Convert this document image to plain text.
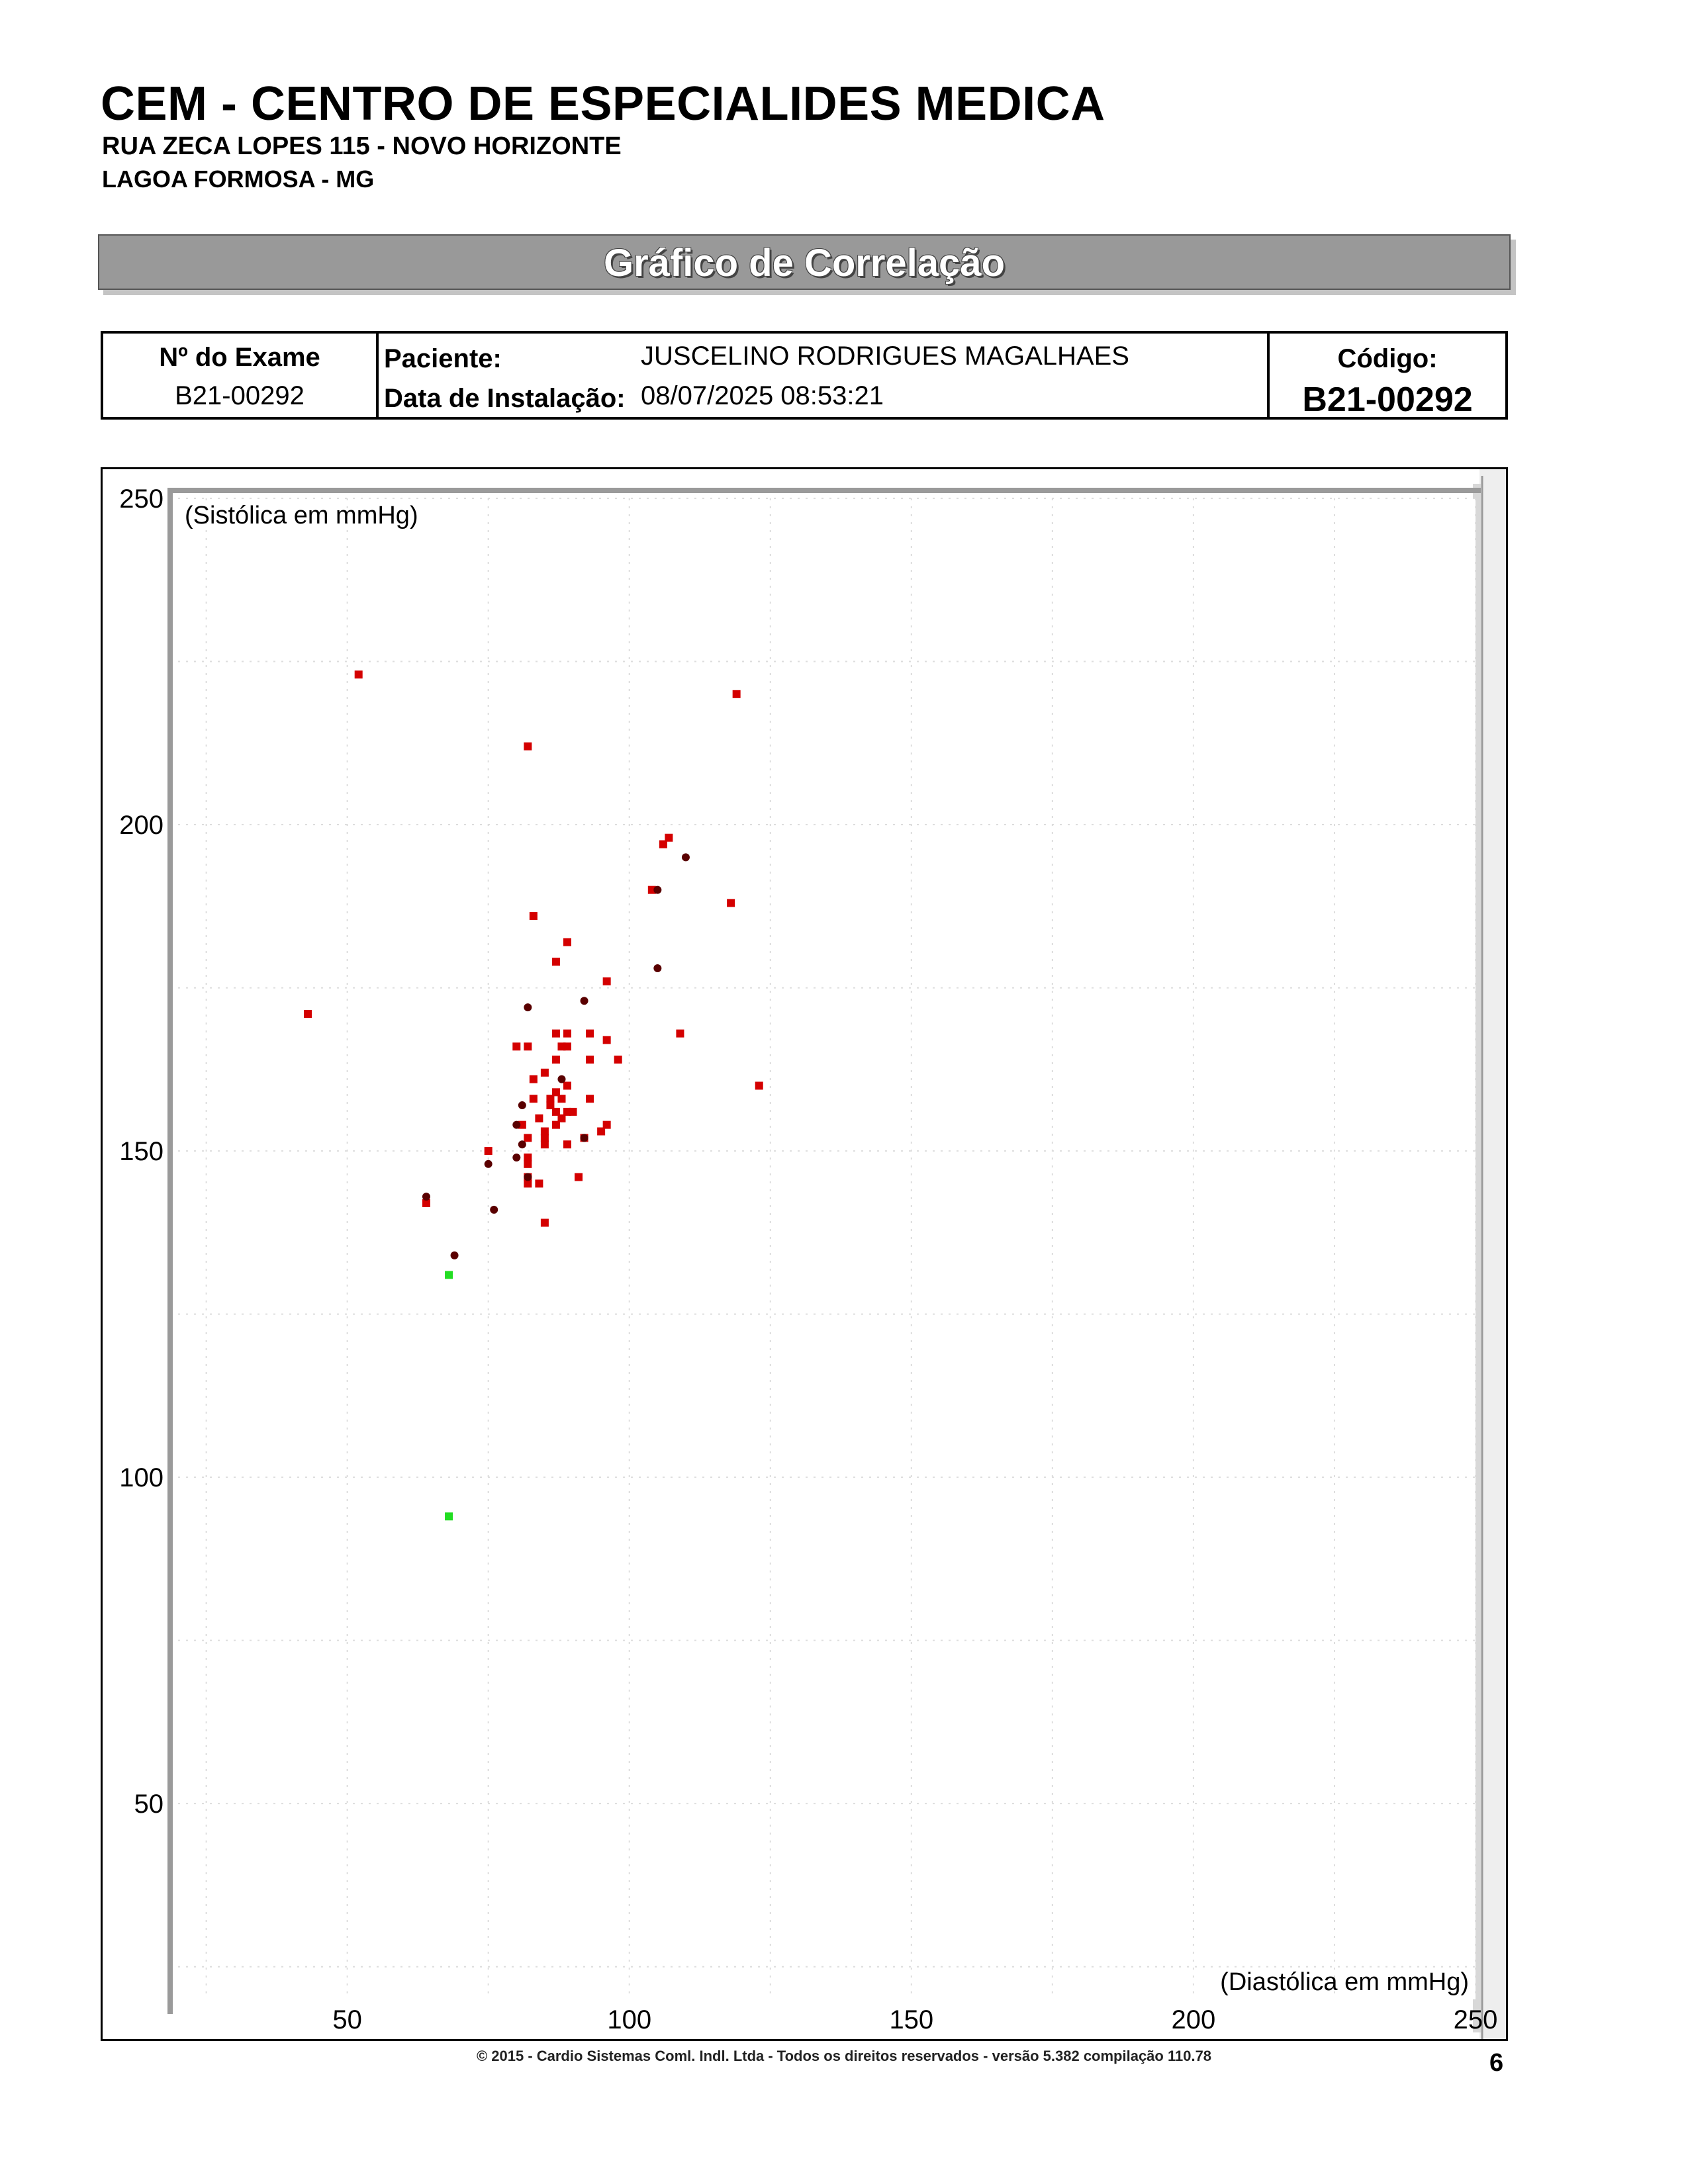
CEM - CENTRO DE ESPECIALIDES MEDICA
RUA ZECA LOPES 115 - NOVO HORIZONTE
LAGOA FORMOSA - MG
Gráfico de Correlação
Nº do Exame
B21-00292
Paciente:	JUSCELINO RODRIGUES MAGALHAES
Data de Instalação: 08/07/2025 08:53:21
Código:
B21-00292
50
100
150
200
250
50	100	150	200	250
(Sistólica em mmHg)
(Diastólica em mmHg)
© 2015 - Cardio Sistemas Coml. Indl. Ltda - Todos os direitos reservados - versão 5.382 compilação 110.78	6
